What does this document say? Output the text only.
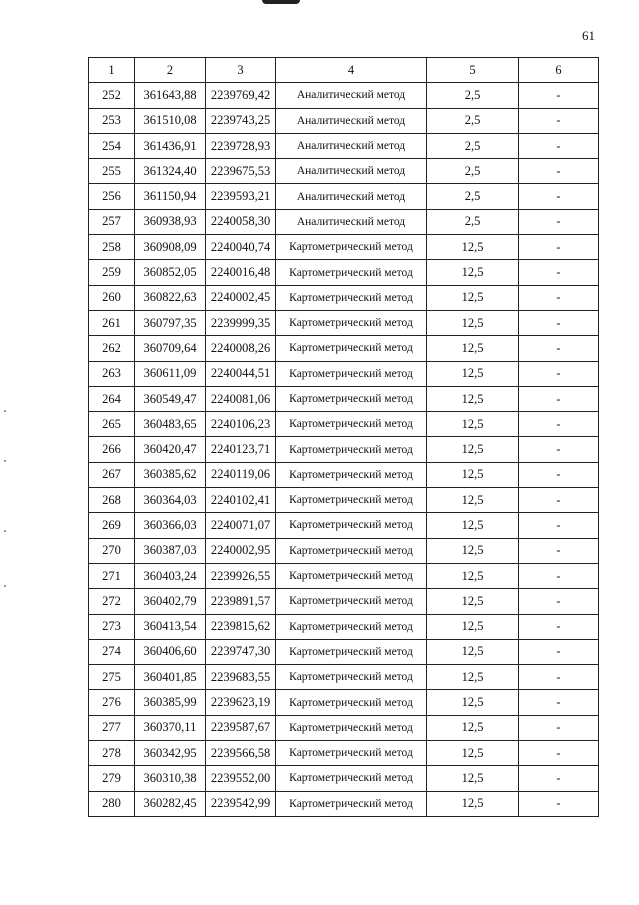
61
1	2	3	4	5	6
252	361643,88	2239769,42	Аналитический метод	2,5	-
253	361510,08	2239743,25	Аналитический метод	2,5	-
254	361436,91	2239728,93	Аналитический метод	2,5	-
255	361324,40	2239675,53	Аналитический метод	2,5	-
256	361150,94	2239593,21	Аналитический метод	2,5	-
257	360938,93	2240058,30	Аналитический метод	2,5	-
258	360908,09	2240040,74	Картометрический метод	12,5	-
259	360852,05	2240016,48	Картометрический метод	12,5	-
260	360822,63	2240002,45	Картометрический метод	12,5	-
261	360797,35	2239999,35	Картометрический метод	12,5	-
262	360709,64	2240008,26	Картометрический метод	12,5	-
263	360611,09	2240044,51	Картометрический метод	12,5	-
264	360549,47	2240081,06	Картометрический метод	12,5	-
265	360483,65	2240106,23	Картометрический метод	12,5	-
266	360420,47	2240123,71	Картометрический метод	12,5	-
267	360385,62	2240119,06	Картометрический метод	12,5	-
268	360364,03	2240102,41	Картометрический метод	12,5	-
269	360366,03	2240071,07	Картометрический метод	12,5	-
270	360387,03	2240002,95	Картометрический метод	12,5	-
271	360403,24	2239926,55	Картометрический метод	12,5	-
272	360402,79	2239891,57	Картометрический метод	12,5	-
273	360413,54	2239815,62	Картометрический метод	12,5	-
274	360406,60	2239747,30	Картометрический метод	12,5	-
275	360401,85	2239683,55	Картометрический метод	12,5	-
276	360385,99	2239623,19	Картометрический метод	12,5	-
277	360370,11	2239587,67	Картометрический метод	12,5	-
278	360342,95	2239566,58	Картометрический метод	12,5	-
279	360310,38	2239552,00	Картометрический метод	12,5	-
280	360282,45	2239542,99	Картометрический метод	12,5	-
